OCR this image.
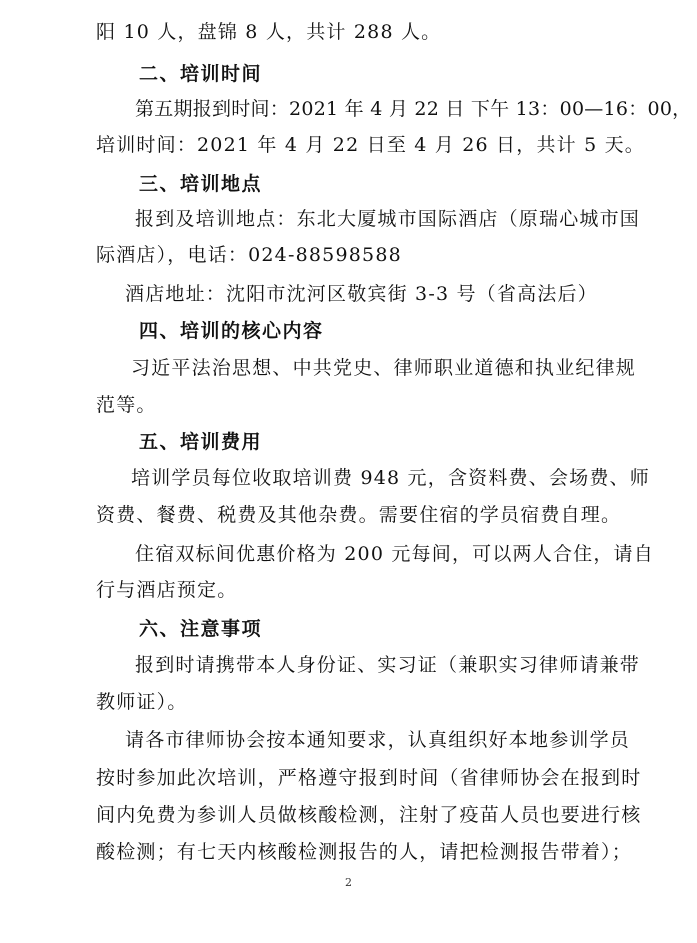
阳 10 人，盘锦 8 人，共计 288 人。
二、培训时间
第五期报到时间：2021 年 4 月 22 日 下午 13：00—16：00，
培训时间：2021 年 4 月 22 日至 4 月 26 日，共计 5 天。
三、培训地点
报到及培训地点：东北大厦城市国际酒店（原瑞心城市国
际酒店），电话：024-88598588
酒店地址：沈阳市沈河区敬宾街 3-3 号（省高法后）
四、培训的核心内容
习近平法治思想、中共党史、律师职业道德和执业纪律规
范等。
五、培训费用
培训学员每位收取培训费 948 元，含资料费、会场费、师
资费、餐费、税费及其他杂费。需要住宿的学员宿费自理。
住宿双标间优惠价格为 200 元每间，可以两人合住，请自
行与酒店预定。
六、注意事项
报到时请携带本人身份证、实习证（兼职实习律师请兼带
教师证）。
请各市律师协会按本通知要求，认真组织好本地参训学员
按时参加此次培训，严格遵守报到时间（省律师协会在报到时
间内免费为参训人员做核酸检测，注射了疫苗人员也要进行核
酸检测；有七天内核酸检测报告的人，请把检测报告带着）；
2
